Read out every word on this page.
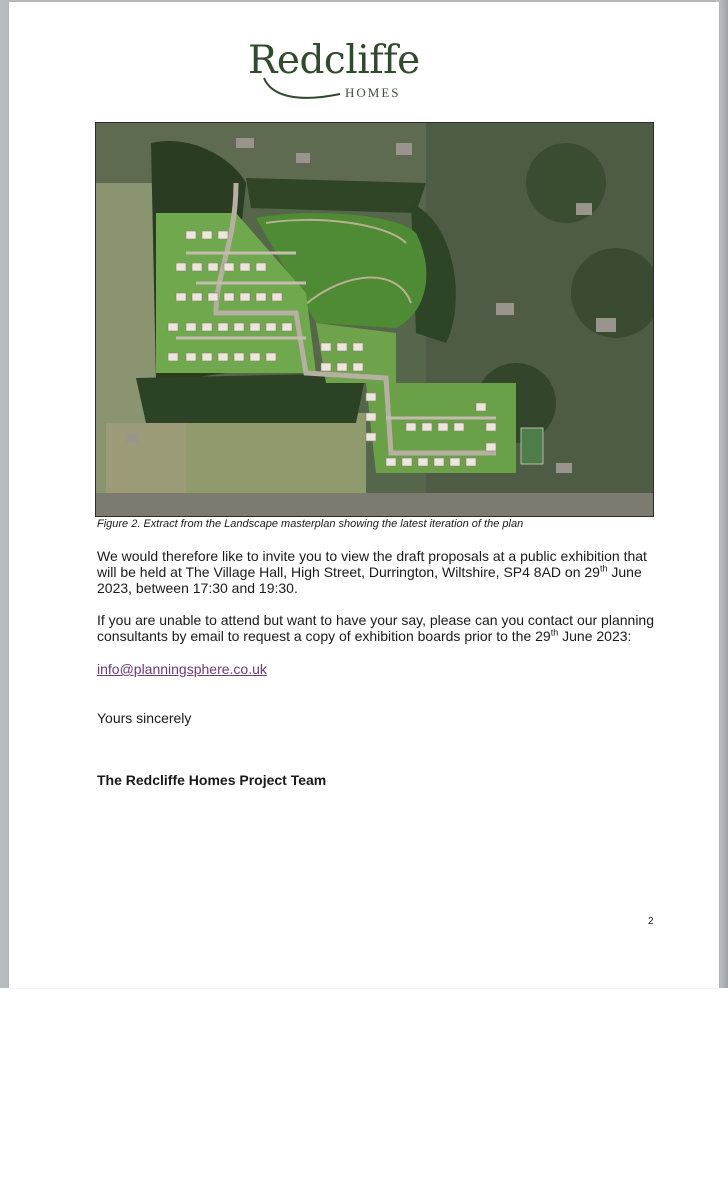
Redcliffe
HOMES
Figure 2. Extract from the Landscape masterplan showing the latest iteration of the plan
We would therefore like to invite you to view the draft proposals at a public exhibition that will be held at The Village Hall, High Street, Durrington, Wiltshire, SP4 8AD on 29th June 2023, between 17:30 and 19:30.
If you are unable to attend but want to have your say, please can you contact our planning consultants by email to request a copy of exhibition boards prior to the 29th June 2023:
info@planningsphere.co.uk
Yours sincerely
The Redcliffe Homes Project Team
2
